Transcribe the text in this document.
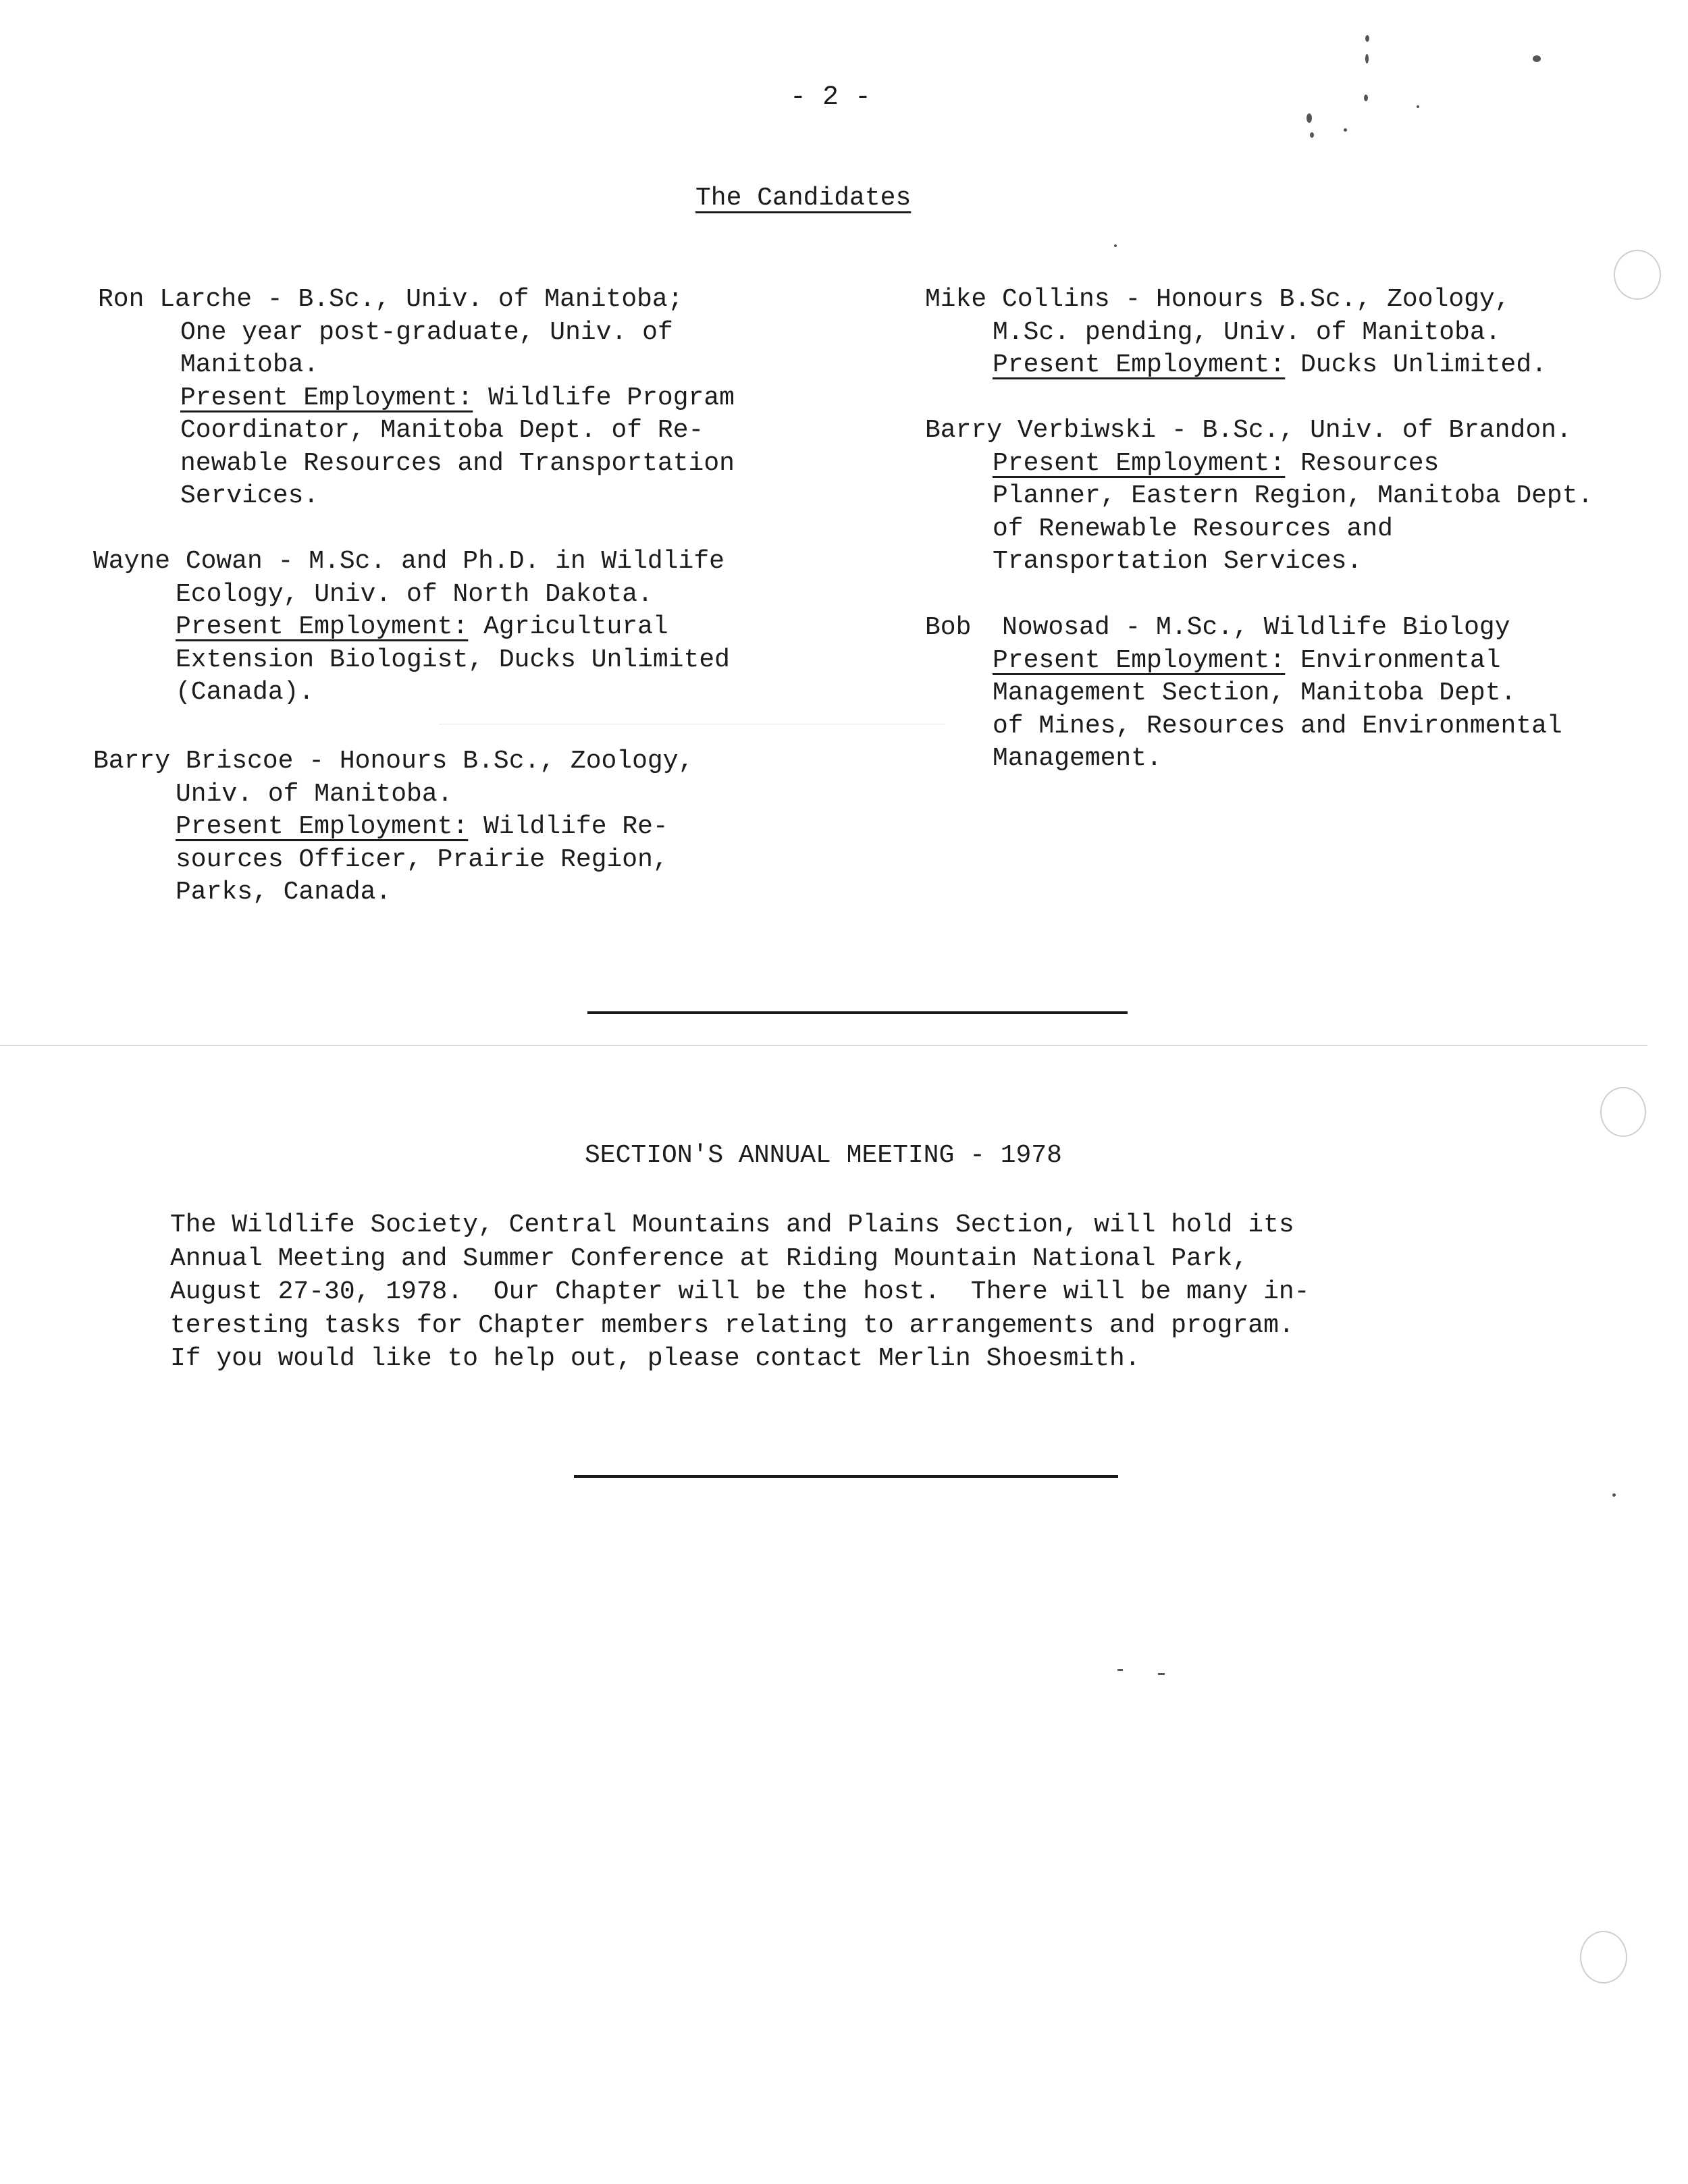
- 2 -
The Candidates
Ron Larche - B.Sc., Univ. of Manitoba;
One year post-graduate, Univ. of
Manitoba.
Present Employment: Wildlife Program
Coordinator, Manitoba Dept. of Re-
newable Resources and Transportation
Services.
Wayne Cowan - M.Sc. and Ph.D. in Wildlife
Ecology, Univ. of North Dakota.
Present Employment: Agricultural
Extension Biologist, Ducks Unlimited
(Canada).
Barry Briscoe - Honours B.Sc., Zoology,
Univ. of Manitoba.
Present Employment: Wildlife Re-
sources Officer, Prairie Region,
Parks, Canada.
Mike Collins - Honours B.Sc., Zoology,
M.Sc. pending, Univ. of Manitoba.
Present Employment: Ducks Unlimited.
Barry Verbiwski - B.Sc., Univ. of Brandon.
Present Employment: Resources
Planner, Eastern Region, Manitoba Dept.
of Renewable Resources and
Transportation Services.
Bob  Nowosad - M.Sc., Wildlife Biology
Present Employment: Environmental
Management Section, Manitoba Dept.
of Mines, Resources and Environmental
Management.
SECTION'S ANNUAL MEETING - 1978
The Wildlife Society, Central Mountains and Plains Section, will hold its
Annual Meeting and Summer Conference at Riding Mountain National Park,
August 27-30, 1978.  Our Chapter will be the host.  There will be many in-
teresting tasks for Chapter members relating to arrangements and program.
If you would like to help out, please contact Merlin Shoesmith.
